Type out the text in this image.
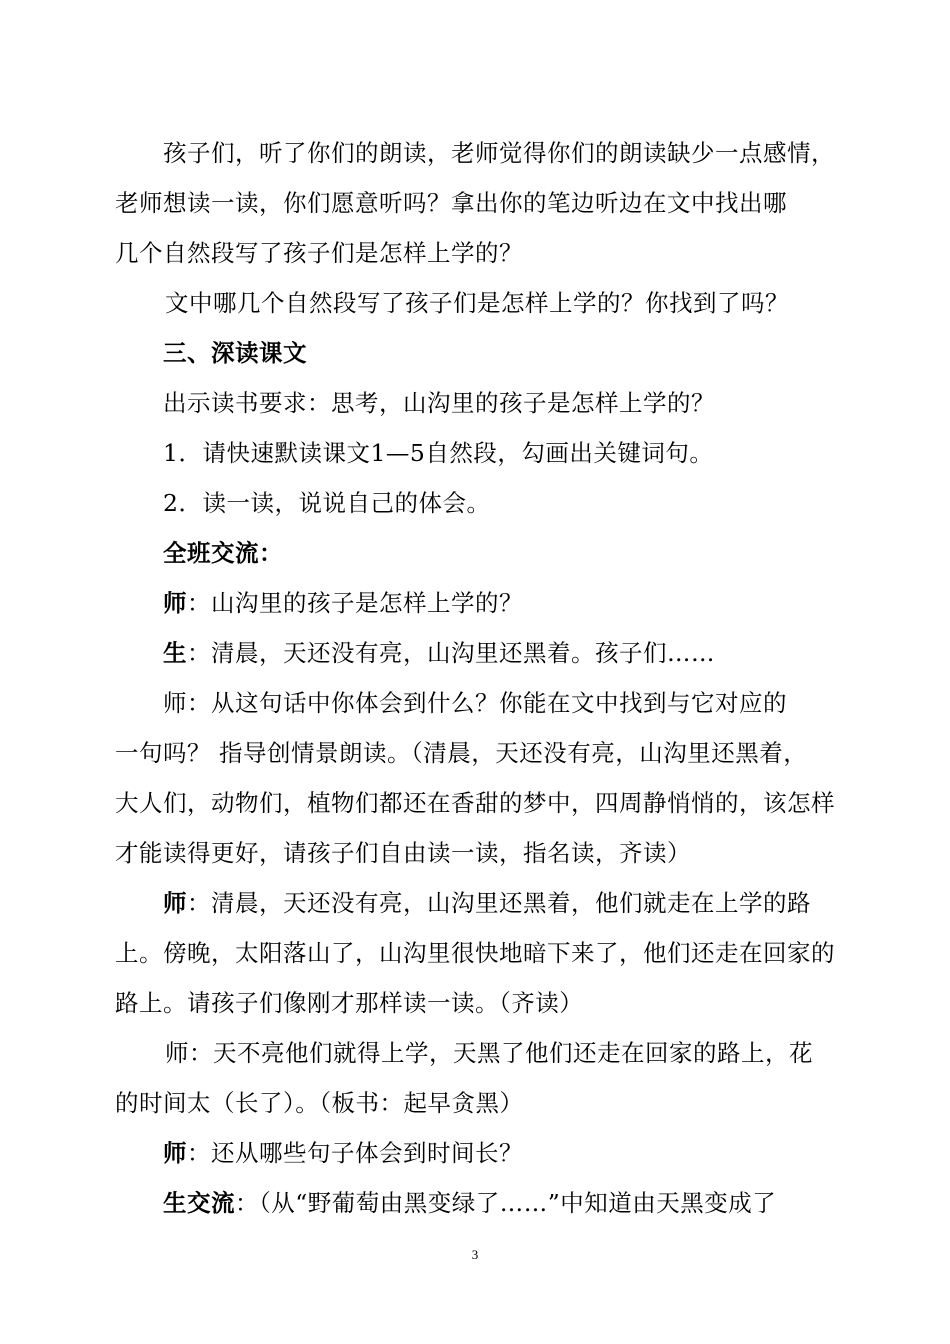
孩子们，听了你们的朗读，老师觉得你们的朗读缺少一点感情，
老师想读一读，你们愿意听吗？拿出你的笔边听边在文中找出哪
几个自然段写了孩子们是怎样上学的？
文中哪几个自然段写了孩子们是怎样上学的？你找到了吗？
三、深读课文
出示读书要求：思考，山沟里的孩子是怎样上学的？
1．请快速默读课文1—5自然段，勾画出关键词句。
2．读一读，说说自己的体会。
全班交流：
师：山沟里的孩子是怎样上学的？
生：清晨，天还没有亮，山沟里还黑着。孩子们……
师：从这句话中你体会到什么？你能在文中找到与它对应的
一句吗？ 指导创情景朗读。（清晨，天还没有亮，山沟里还黑着，
大人们，动物们，植物们都还在香甜的梦中，四周静悄悄的，该怎样
才能读得更好，请孩子们自由读一读，指名读，齐读）
师：清晨，天还没有亮，山沟里还黑着，他们就走在上学的路
上。傍晚，太阳落山了，山沟里很快地暗下来了，他们还走在回家的
路上。请孩子们像刚才那样读一读。（齐读）
师：天不亮他们就得上学，天黑了他们还走在回家的路上，花
的时间太（长了）。（板书：起早贪黑）
师：还从哪些句子体会到时间长？
生交流：（从“野葡萄由黑变绿了……”中知道由天黑变成了
3
